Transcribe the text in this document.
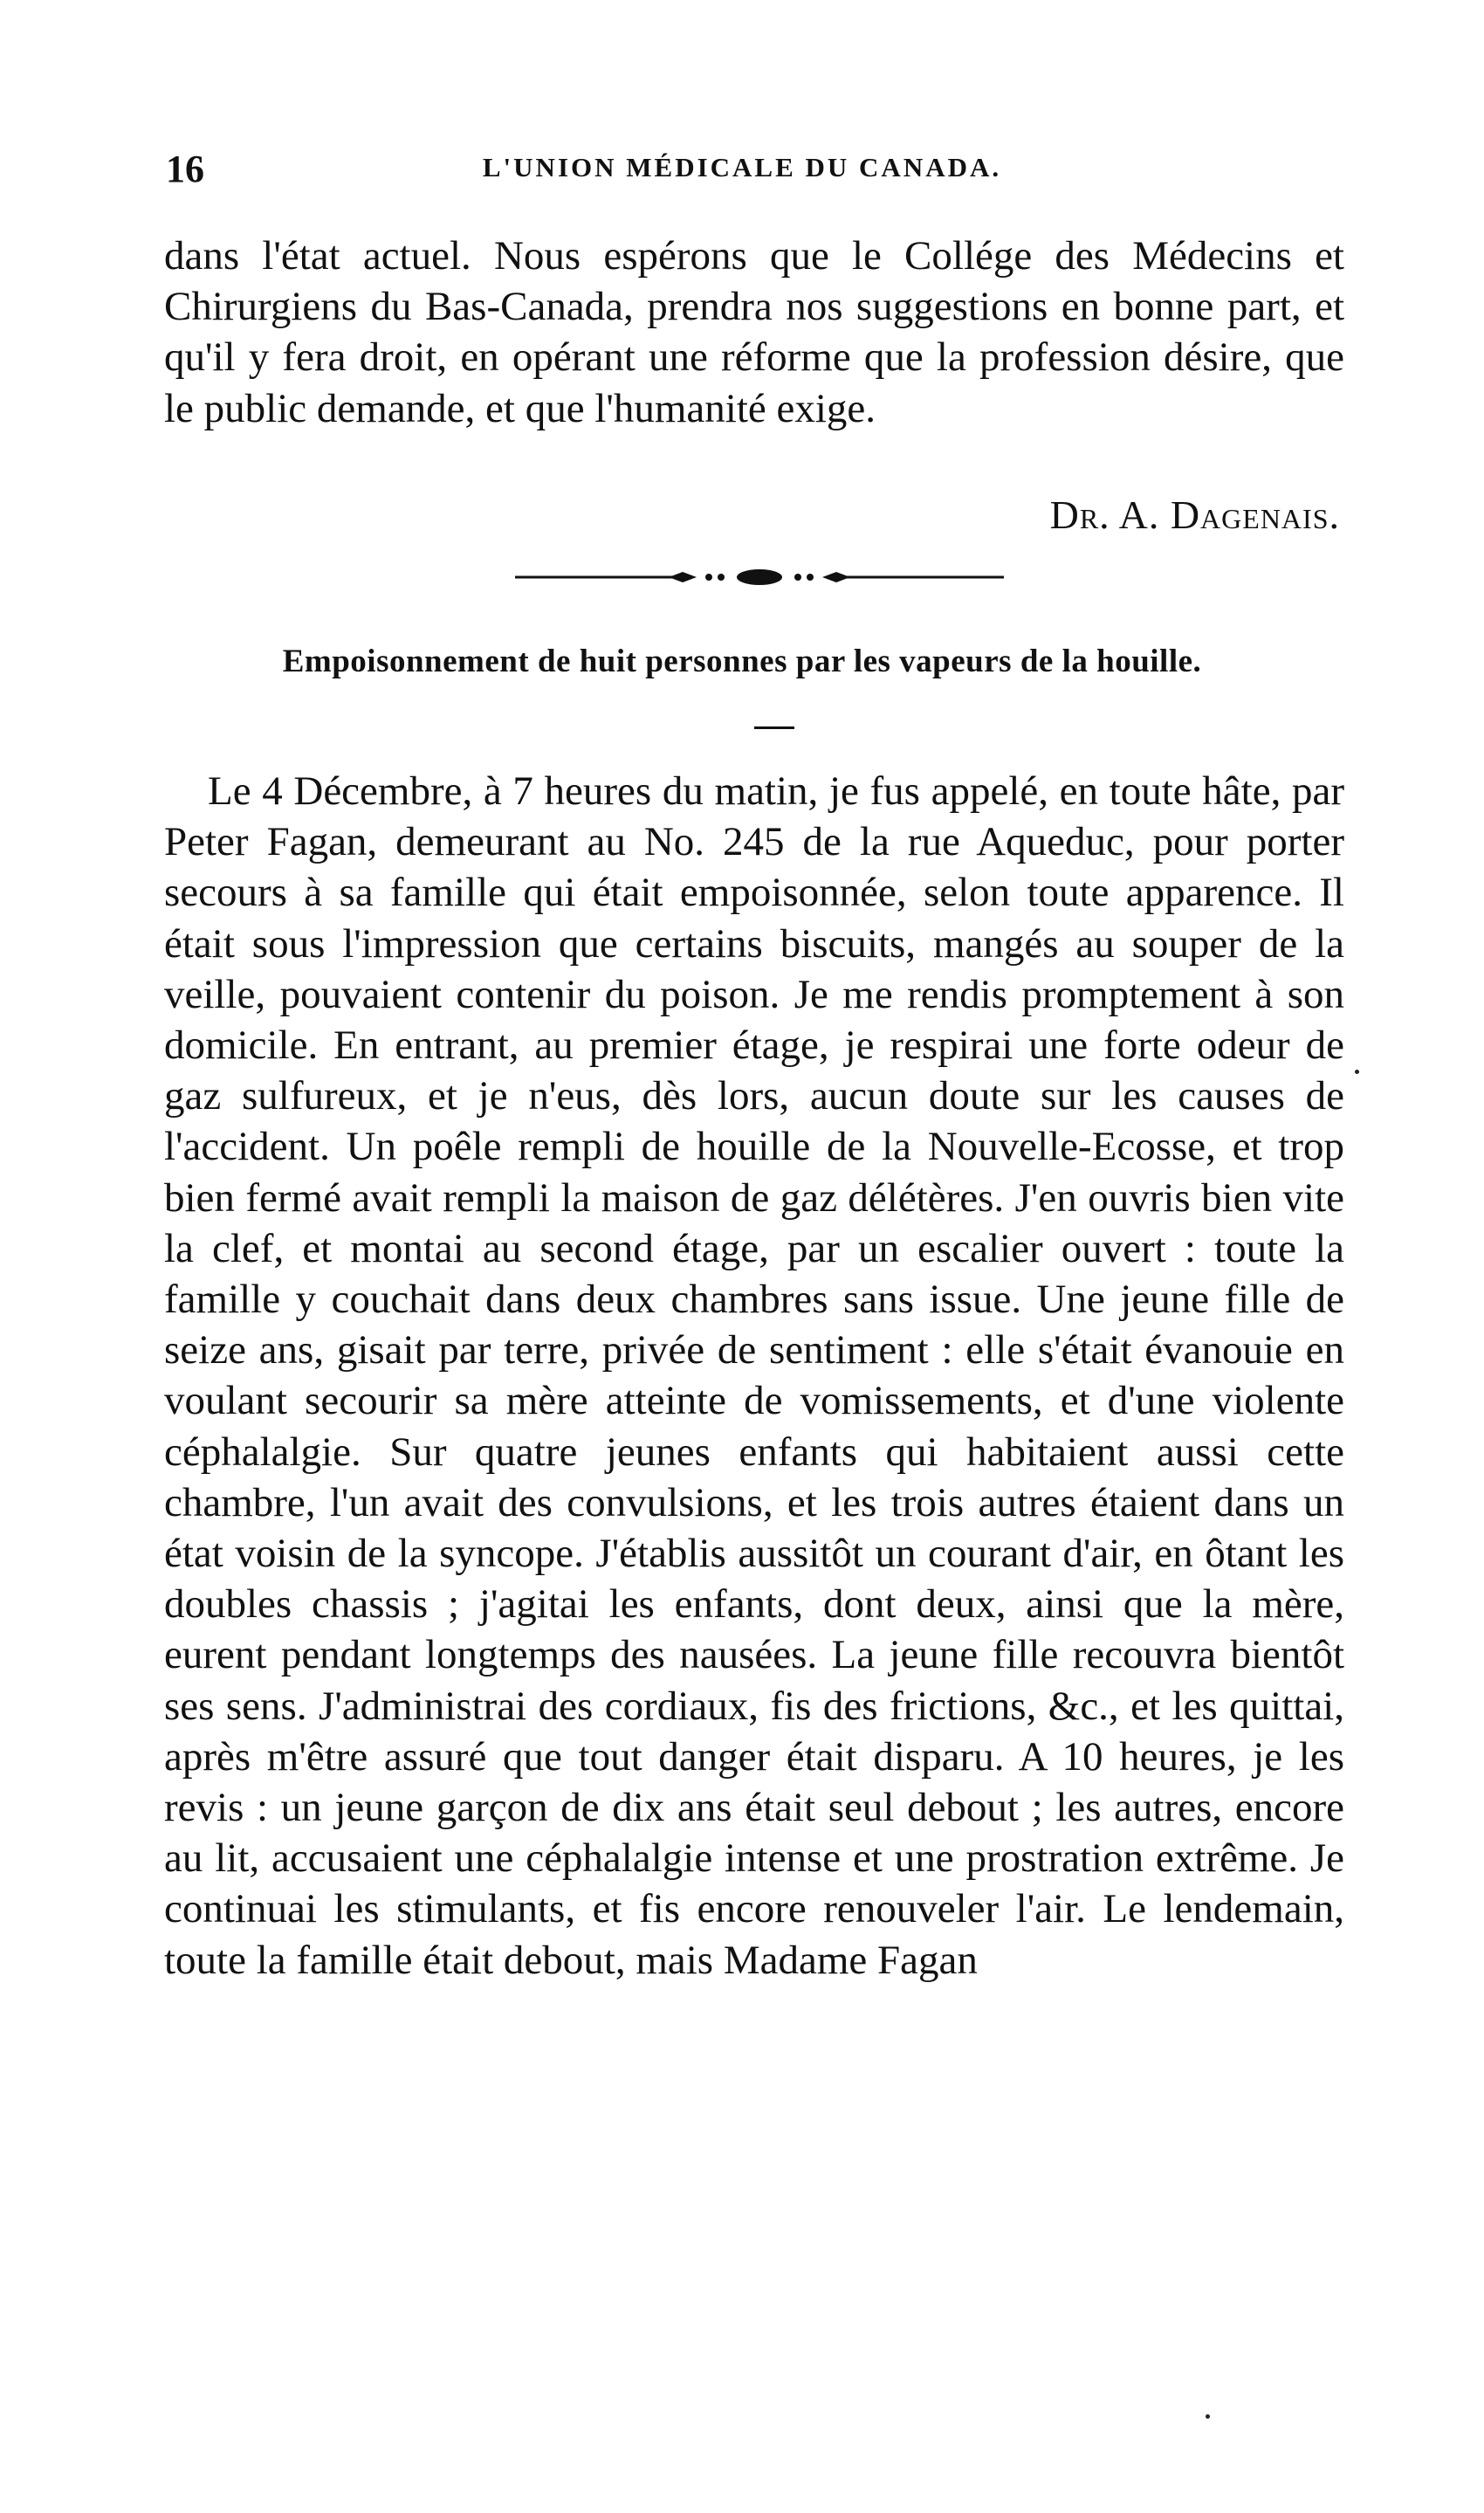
16	L'UNION MÉDICALE DU CANADA.

dans l'état actuel. Nous espérons que le Collége des Médecins et Chirurgiens du Bas-Canada, prendra nos suggestions en bonne part, et qu'il y fera droit, en opérant une réforme que la profession désire, que le public demande, et que l'humanité exige.

Dr. A. Dagenais.
Empoisonnement de huit personnes par les vapeurs de la houille.

Le 4 Décembre, à 7 heures du matin, je fus appelé, en toute hâte, par Peter Fagan, demeurant au No. 245 de la rue Aqueduc, pour porter secours à sa famille qui était empoisonnée, selon toute apparence. Il était sous l'impression que certains biscuits, mangés au souper de la veille, pouvaient contenir du poison. Je me rendis promptement à son domicile. En entrant, au premier étage, je respirai une forte odeur de gaz sulfureux, et je n'eus, dès lors, aucun doute sur les causes de l'accident. Un poêle rempli de houille de la Nouvelle-Ecosse, et trop bien fermé avait rempli la maison de gaz délétères. J'en ouvris bien vite la clef, et montai au second étage, par un escalier ouvert : toute la famille y couchait dans deux chambres sans issue. Une jeune fille de seize ans, gisait par terre, privée de sentiment : elle s'était évanouie en voulant secourir sa mère atteinte de vomissements, et d'une violente céphalalgie. Sur quatre jeunes enfants qui habitaient aussi cette chambre, l'un avait des convulsions, et les trois autres étaient dans un état voisin de la syncope. J'établis aussitôt un courant d'air, en ôtant les doubles chassis ; j'agitai les enfants, dont deux, ainsi que la mère, eurent pendant longtemps des nausées. La jeune fille recouvra bientôt ses sens. J'administrai des cordiaux, fis des frictions, &c., et les quittai, après m'être assuré que tout danger était disparu. A 10 heures, je les revis : un jeune garçon de dix ans était seul debout ; les autres, encore au lit, accusaient une céphalalgie intense et une prostration extrême. Je continuai les stimulants, et fis encore renouveler l'air. Le lendemain, toute la famille était debout, mais Madame Fagan
